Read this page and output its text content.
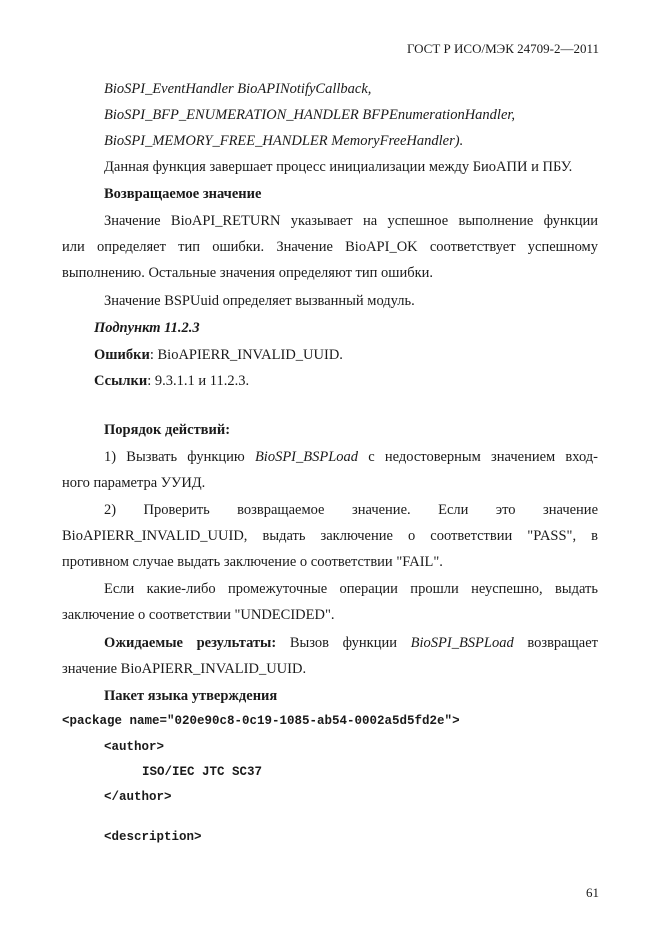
ГОСТ Р ИСО/МЭК 24709-2—2011
BioSPI_EventHandler BioAPINotifyCallback,
BioSPI_BFP_ENUMERATION_HANDLER BFPEnumerationHandler,
BioSPI_MEMORY_FREE_HANDLER MemoryFreeHandler).
Данная функция завершает процесс инициализации между БиоАПИ и ПБУ.
Возвращаемое значение
Значение BioAPI_RETURN указывает на успешное выполнение функции
или определяет тип ошибки. Значение BioAPI_OK соответствует успешному
выполнению. Остальные значения определяют тип ошибки.
Значение BSPUuid определяет вызванный модуль.
Подпункт 11.2.3
Ошибки: BioAPIERR_INVALID_UUID.
Ссылки: 9.3.1.1 и 11.2.3.
Порядок действий:
1) Вызвать функцию BioSPI_BSPLoad с недостоверным значением вход-
ного параметра УУИД.
2) Проверить возвращаемое значение. Если это значение
BioAPIERR_INVALID_UUID, выдать заключение о соответствии "PASS", в
противном случае выдать заключение о соответствии "FAIL".
Если какие-либо промежуточные операции прошли неуспешно, выдать
заключение о соответствии "UNDECIDED".
Ожидаемые результаты: Вызов функции BioSPI_BSPLoad возвращает
значение BioAPIERR_INVALID_UUID.
Пакет языка утверждения
<package name="020e90c8-0c19-1085-ab54-0002a5d5fd2e">
<author>
ISO/IEC JTC SC37
</author>
<description>
61
